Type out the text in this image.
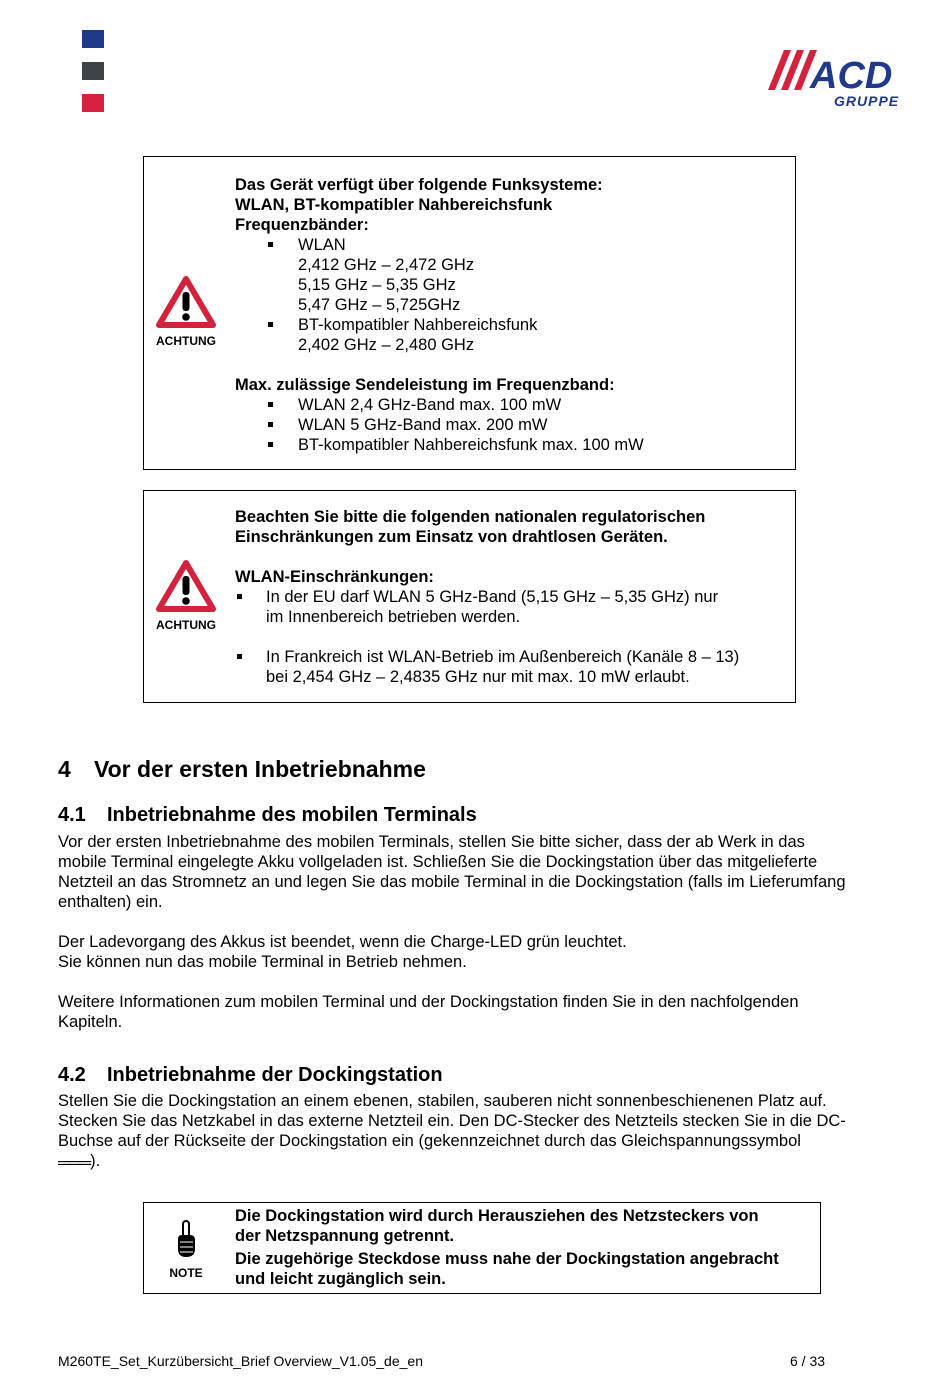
ACD
GRUPPE
ACHTUNG
Das Gerät verfügt über folgende Funksysteme:
WLAN, BT-kompatibler Nahbereichsfunk
Frequenzbänder:
WLAN
2,412 GHz – 2,472 GHz
5,15 GHz – 5,35 GHz
5,47 GHz – 5,725GHz
BT-kompatibler Nahbereichsfunk
2,402 GHz – 2,480 GHz
Max. zulässige Sendeleistung im Frequenzband:
WLAN 2,4 GHz-Band max. 100 mW
WLAN 5 GHz-Band max. 200 mW
BT-kompatibler Nahbereichsfunk max. 100 mW
ACHTUNG
Beachten Sie bitte die folgenden nationalen regulatorischen
Einschränkungen zum Einsatz von drahtlosen Geräten.
WLAN-Einschränkungen:
In der EU darf WLAN 5 GHz-Band (5,15 GHz – 5,35 GHz) nur
im Innenbereich betrieben werden.
In Frankreich ist WLAN-Betrieb im Außenbereich (Kanäle 8 – 13)
bei 2,454 GHz – 2,4835 GHz nur mit max. 10 mW erlaubt.
4 Vor der ersten Inbetriebnahme
4.1 Inbetriebnahme des mobilen Terminals
Vor der ersten Inbetriebnahme des mobilen Terminals, stellen Sie bitte sicher, dass der ab Werk in das
mobile Terminal eingelegte Akku vollgeladen ist. Schließen Sie die Dockingstation über das mitgelieferte
Netzteil an das Stromnetz an und legen Sie das mobile Terminal in die Dockingstation (falls im Lieferumfang
enthalten) ein.
Der Ladevorgang des Akkus ist beendet, wenn die Charge-LED grün leuchtet.
Sie können nun das mobile Terminal in Betrieb nehmen.
Weitere Informationen zum mobilen Terminal und der Dockingstation finden Sie in den nachfolgenden
Kapiteln.
4.2 Inbetriebnahme der Dockingstation
Stellen Sie die Dockingstation an einem ebenen, stabilen, sauberen nicht sonnenbeschienenen Platz auf.
Stecken Sie das Netzkabel in das externe Netzteil ein. Den DC-Stecker des Netzteils stecken Sie in die DC-
Buchse auf der Rückseite der Dockingstation ein (gekennzeichnet durch das Gleichspannungssymbol
═══).
NOTE
Die Dockingstation wird durch Herausziehen des Netzsteckers von
der Netzspannung getrennt.
Die zugehörige Steckdose muss nahe der Dockingstation angebracht
und leicht zugänglich sein.
M260TE_Set_Kurzübersicht_Brief Overview_V1.05_de_en	6 / 33
